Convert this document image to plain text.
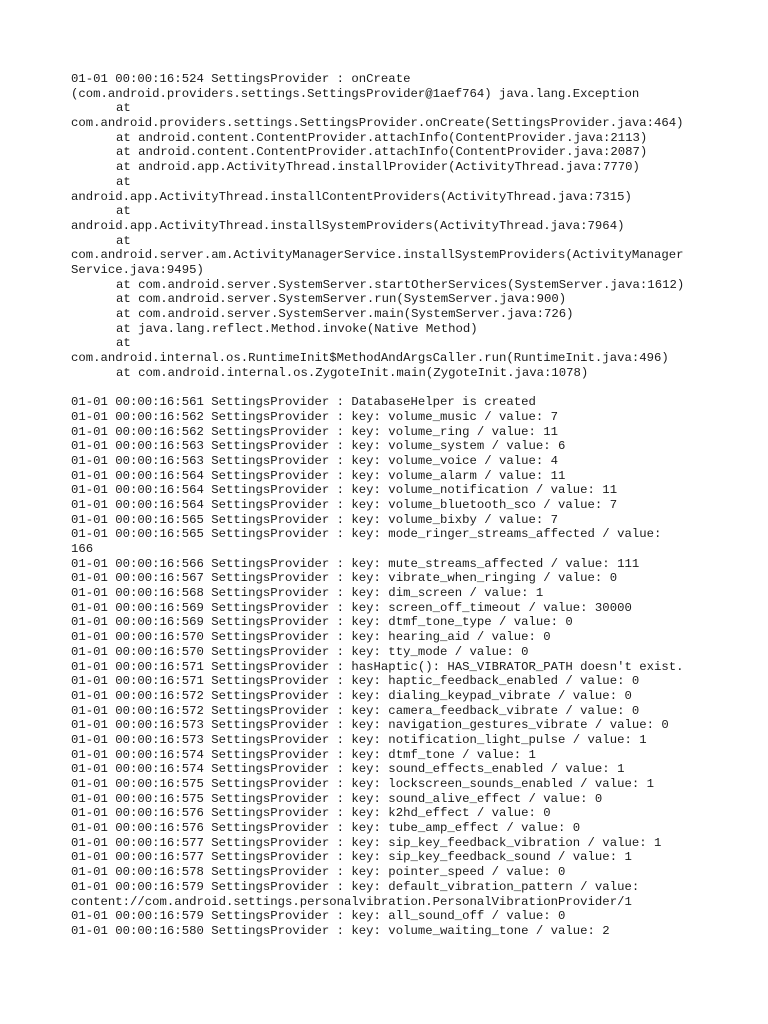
01-01 00:00:16:524 SettingsProvider : onCreate
(com.android.providers.settings.SettingsProvider@1aef764) java.lang.Exception
at
com.android.providers.settings.SettingsProvider.onCreate(SettingsProvider.java:464)
at android.content.ContentProvider.attachInfo(ContentProvider.java:2113)
at android.content.ContentProvider.attachInfo(ContentProvider.java:2087)
at android.app.ActivityThread.installProvider(ActivityThread.java:7770)
at
android.app.ActivityThread.installContentProviders(ActivityThread.java:7315)
at
android.app.ActivityThread.installSystemProviders(ActivityThread.java:7964)
at
com.android.server.am.ActivityManagerService.installSystemProviders(ActivityManager
Service.java:9495)
at com.android.server.SystemServer.startOtherServices(SystemServer.java:1612)
at com.android.server.SystemServer.run(SystemServer.java:900)
at com.android.server.SystemServer.main(SystemServer.java:726)
at java.lang.reflect.Method.invoke(Native Method)
at
com.android.internal.os.RuntimeInit$MethodAndArgsCaller.run(RuntimeInit.java:496)
at com.android.internal.os.ZygoteInit.main(ZygoteInit.java:1078)
01-01 00:00:16:561 SettingsProvider : DatabaseHelper is created
01-01 00:00:16:562 SettingsProvider : key: volume_music / value: 7
01-01 00:00:16:562 SettingsProvider : key: volume_ring / value: 11
01-01 00:00:16:563 SettingsProvider : key: volume_system / value: 6
01-01 00:00:16:563 SettingsProvider : key: volume_voice / value: 4
01-01 00:00:16:564 SettingsProvider : key: volume_alarm / value: 11
01-01 00:00:16:564 SettingsProvider : key: volume_notification / value: 11
01-01 00:00:16:564 SettingsProvider : key: volume_bluetooth_sco / value: 7
01-01 00:00:16:565 SettingsProvider : key: volume_bixby / value: 7
01-01 00:00:16:565 SettingsProvider : key: mode_ringer_streams_affected / value:
166
01-01 00:00:16:566 SettingsProvider : key: mute_streams_affected / value: 111
01-01 00:00:16:567 SettingsProvider : key: vibrate_when_ringing / value: 0
01-01 00:00:16:568 SettingsProvider : key: dim_screen / value: 1
01-01 00:00:16:569 SettingsProvider : key: screen_off_timeout / value: 30000
01-01 00:00:16:569 SettingsProvider : key: dtmf_tone_type / value: 0
01-01 00:00:16:570 SettingsProvider : key: hearing_aid / value: 0
01-01 00:00:16:570 SettingsProvider : key: tty_mode / value: 0
01-01 00:00:16:571 SettingsProvider : hasHaptic(): HAS_VIBRATOR_PATH doesn't exist.
01-01 00:00:16:571 SettingsProvider : key: haptic_feedback_enabled / value: 0
01-01 00:00:16:572 SettingsProvider : key: dialing_keypad_vibrate / value: 0
01-01 00:00:16:572 SettingsProvider : key: camera_feedback_vibrate / value: 0
01-01 00:00:16:573 SettingsProvider : key: navigation_gestures_vibrate / value: 0
01-01 00:00:16:573 SettingsProvider : key: notification_light_pulse / value: 1
01-01 00:00:16:574 SettingsProvider : key: dtmf_tone / value: 1
01-01 00:00:16:574 SettingsProvider : key: sound_effects_enabled / value: 1
01-01 00:00:16:575 SettingsProvider : key: lockscreen_sounds_enabled / value: 1
01-01 00:00:16:575 SettingsProvider : key: sound_alive_effect / value: 0
01-01 00:00:16:576 SettingsProvider : key: k2hd_effect / value: 0
01-01 00:00:16:576 SettingsProvider : key: tube_amp_effect / value: 0
01-01 00:00:16:577 SettingsProvider : key: sip_key_feedback_vibration / value: 1
01-01 00:00:16:577 SettingsProvider : key: sip_key_feedback_sound / value: 1
01-01 00:00:16:578 SettingsProvider : key: pointer_speed / value: 0
01-01 00:00:16:579 SettingsProvider : key: default_vibration_pattern / value:
content://com.android.settings.personalvibration.PersonalVibrationProvider/1
01-01 00:00:16:579 SettingsProvider : key: all_sound_off / value: 0
01-01 00:00:16:580 SettingsProvider : key: volume_waiting_tone / value: 2
